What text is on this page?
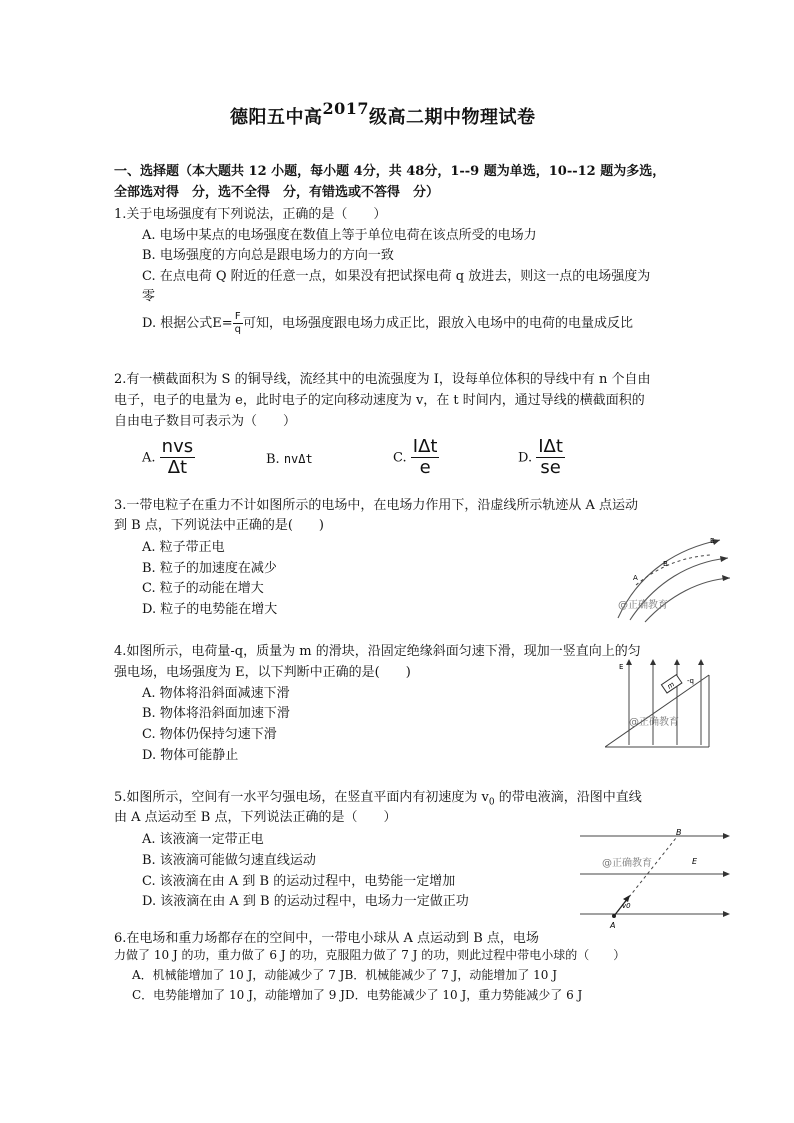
德阳五中高2017级高二期中物理试卷
一、选择题（本大题共 12 小题，每小题 4分，共 48分，1--9 题为单选，10--12 题为多选，
全部选对得　分，选不全得　分，有错选或不答得　分）
1.关于电场强度有下列说法，正确的是（　　）
A. 电场中某点的电场强度在数值上等于单位电荷在该点所受的电场力
B. 电场强度的方向总是跟电场力的方向一致
C. 在点电荷 Q 附近的任意一点，如果没有把试探电荷 q 放进去，则这一点的电场强度为
零
D. 根据公式$E= \frac{F}{q}$ 可知，电场强度跟电场力成正比，跟放入电场中的电荷的电量成反比
2.有一横截面积为 S 的铜导线，流经其中的电流强度为 I，设每单位体积的导线中有 n 个自由
电子，电子的电量为 e，此时电子的定向移动速度为 v，在 t 时间内，通过导线的横截面积的
自由电子数目可表示为（　　）
A. $\frac{\text{nvs}}{\Delta t}$	B. nvΔt	C. $\frac{\text{IΔt}}{e}$	D. $\frac{\text{IΔt}}{se}$
3.一带电粒子在重力不计如图所示的电场中，在电场力作用下，沿虚线所示轨迹从 A 点运动
到 B 点，下列说法中正确的是(　　)
A. 粒子带正电
B. 粒子的加速度在减少
C. 粒子的动能在增大
D. 粒子的电势能在增大
E
A
B
@正确教育
4.如图所示，电荷量-q，质量为 m 的滑块，沿固定绝缘斜面匀速下滑，现加一竖直向上的匀
强电场，电场强度为 E，以下判断中正确的是(　　)
A. 物体将沿斜面减速下滑
B. 物体将沿斜面加速下滑
C. 物体仍保持匀速下滑
D. 物体可能静止
m
E
-q
@正确教育
5.如图所示，空间有一水平匀强电场，在竖直平面内有初速度为 $v_0$ 的带电液滴，沿图中直线
由 A 点运动至 B 点，下列说法正确的是（　　）
A. 该液滴一定带正电
B. 该液滴可能做匀速直线运动
C. 该液滴在由 A 到 B 的运动过程中，电势能一定增加
D. 该液滴在由 A 到 B 的运动过程中，电场力一定做正功
A
B
E
v0
@正确教育
6.在电场和重力场都存在的空间中，一带电小球从 A 点运动到 B 点，电场
力做了 10 J 的功，重力做了 6 J 的功，克服阻力做了 7 J 的功，则此过程中带电小球的（　　）
A．机械能增加了 10 J，动能减少了 7 JB．机械能减少了 7 J，动能增加了 10 J
C．电势能增加了 10 J，动能增加了 9 JD．电势能减少了 10 J，重力势能减少了 6 J
